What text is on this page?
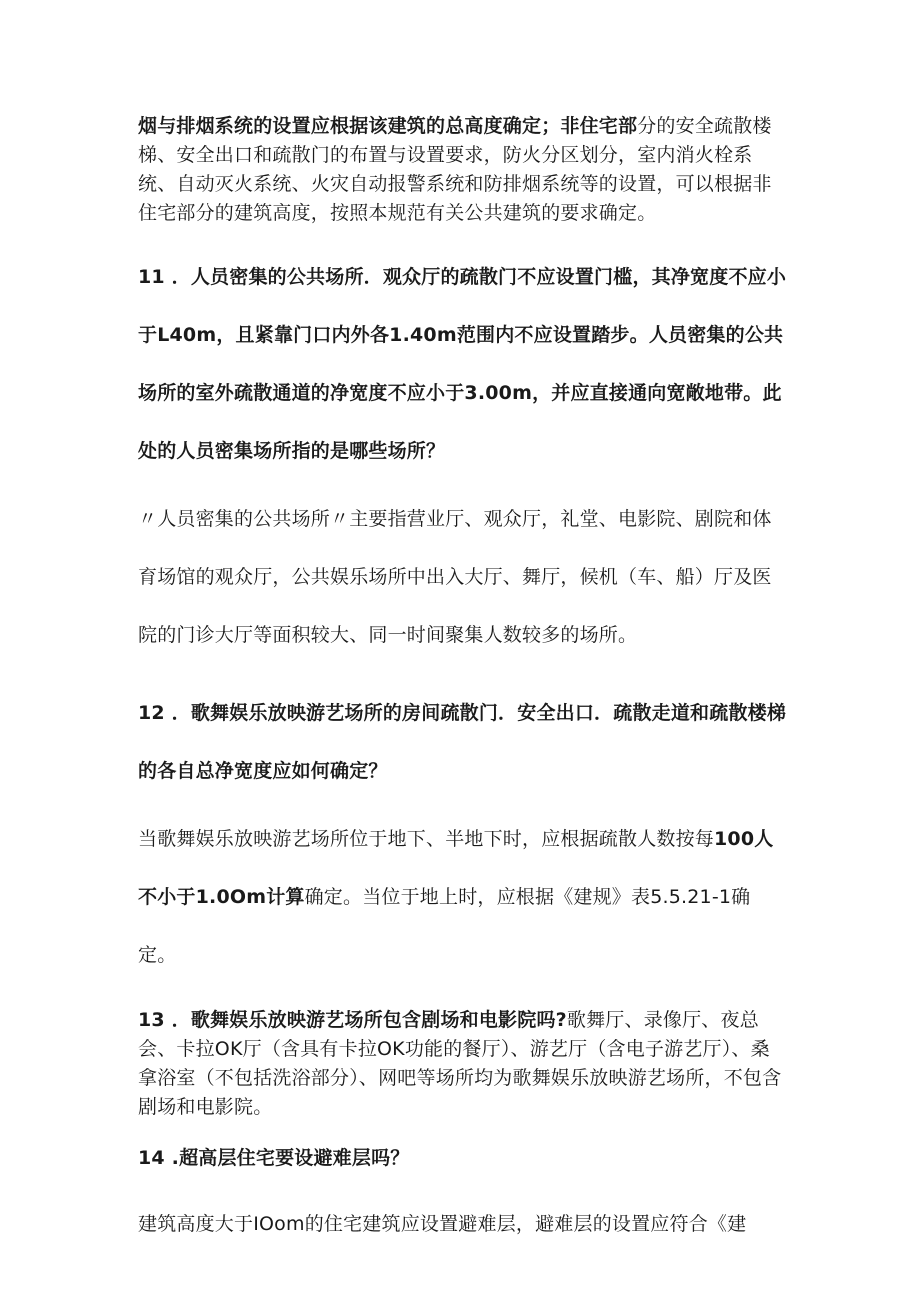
烟与排烟系统的设置应根据该建筑的总高度确定；非住宅部分的安全疏散楼梯、安全出口和疏散门的布置与设置要求，防火分区划分，室内消火栓系统、自动灭火系统、火灾自动报警系统和防排烟系统等的设置，可以根据非住宅部分的建筑高度，按照本规范有关公共建筑的要求确定。

11 ．人员密集的公共场所．观众厅的疏散门不应设置门槛，其净宽度不应小于L40m，且紧靠门口内外各1.40m范围内不应设置踏步。人员密集的公共场所的室外疏散通道的净宽度不应小于3.00m，并应直接通向宽敞地带。此处的人员密集场所指的是哪些场所？

〃人员密集的公共场所〃主要指营业厅、观众厅，礼堂、电影院、剧院和体育场馆的观众厅，公共娱乐场所中出入大厅、舞厅，候机（车、船）厅及医院的门诊大厅等面积较大、同一时间聚集人数较多的场所。

12 ．歌舞娱乐放映游艺场所的房间疏散门．安全出口．疏散走道和疏散楼梯的各自总净宽度应如何确定？

当歌舞娱乐放映游艺场所位于地下、半地下时，应根据疏散人数按每100人不小于1.0Om计算确定。当位于地上时，应根据《建规》表5.5.21-1确定。

13 ．歌舞娱乐放映游艺场所包含剧场和电影院吗?歌舞厅、录像厅、夜总会、卡拉OK厅（含具有卡拉OK功能的餐厅）、游艺厅（含电子游艺厅）、桑拿浴室（不包括洗浴部分）、网吧等场所均为歌舞娱乐放映游艺场所，不包含剧场和电影院。

14 .超高层住宅要设避难层吗？

建筑高度大于IOom的住宅建筑应设置避难层，避难层的设置应符合《建
